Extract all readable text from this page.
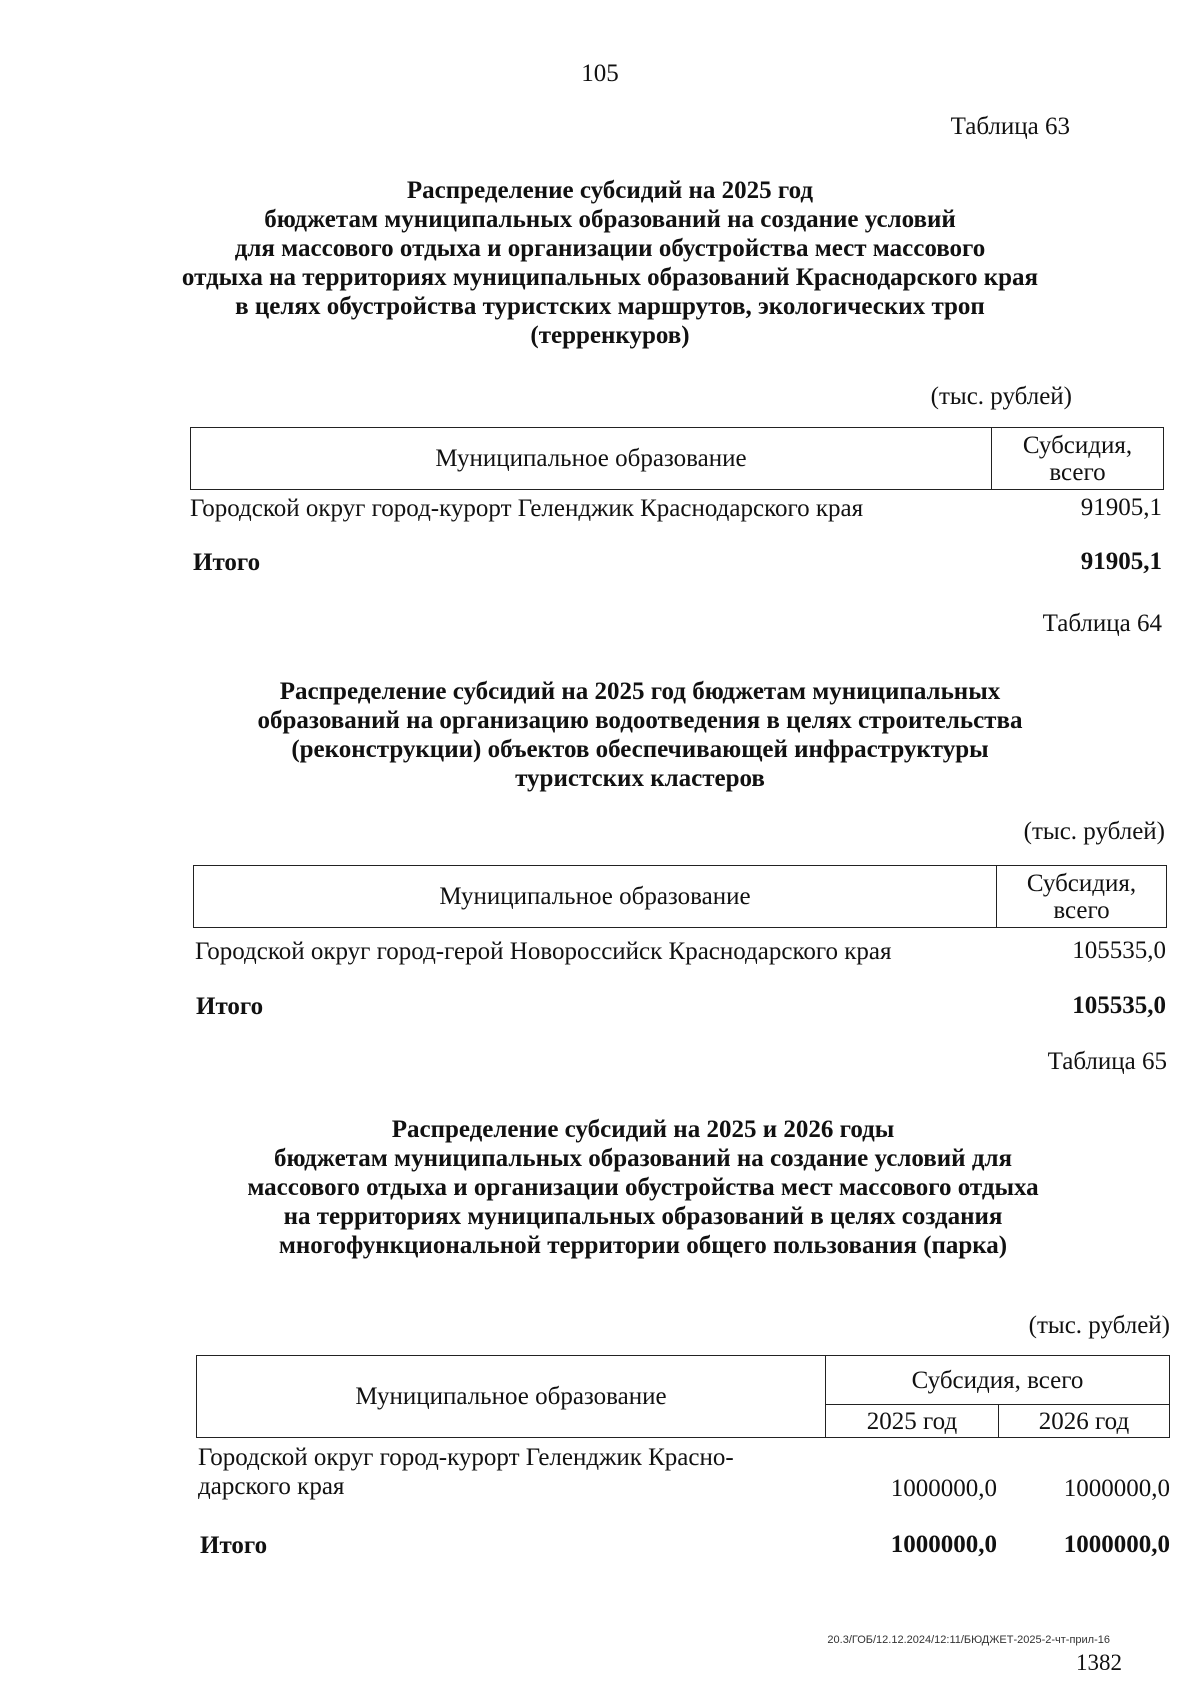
105
Таблица 63
Распределение субсидий на 2025 год
бюджетам муниципальных образований на создание условий
для массового отдыха и организации обустройства мест массового
отдыха на территориях муниципальных образований Краснодарского края
в целях обустройства туристских маршрутов, экологических троп
(терренкуров)
(тыс. рублей)
Муниципальное образование	Субсидия,
всего
Городской округ город-курорт Геленджик Краснодарского края	91905,1
Итого	91905,1
Таблица 64
Распределение субсидий на 2025 год бюджетам муниципальных
образований на организацию водоотведения в целях строительства
(реконструкции) объектов обеспечивающей инфраструктуры
туристских кластеров
(тыс. рублей)
Муниципальное образование	Субсидия,
всего
Городской округ город-герой Новороссийск Краснодарского края	105535,0
Итого	105535,0
Таблица 65
Распределение субсидий на 2025 и 2026 годы
бюджетам муниципальных образований на создание условий для
массового отдыха и организации обустройства мест массового отдыха
на территориях муниципальных образований в целях создания
многофункциональной территории общего пользования (парка)
(тыс. рублей)
Муниципальное образование	Субсидия, всего	
	2025 год	2026 год
Городской округ город-курорт Геленджик Красно-
дарского края	1000000,0	1000000,0
Итого	1000000,0	1000000,0
20.3/ГОБ/12.12.2024/12:11/БЮДЖЕТ-2025-2-чт-прил-16
1382
